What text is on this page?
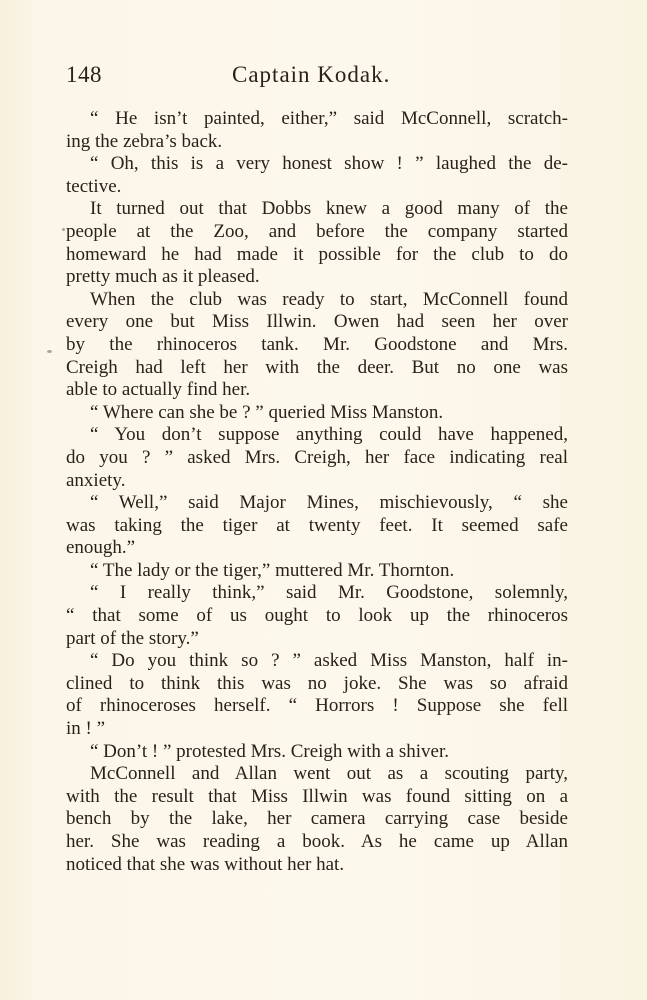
148	Captain Kodak.
“ He isn’t painted, either,” said McConnell, scratch-
ing the zebra’s back.
“ Oh, this is a very honest show ! ” laughed the de-
tective.
It turned out that Dobbs knew a good many of the
people at the Zoo, and before the company started
homeward he had made it possible for the club to do
pretty much as it pleased.
When the club was ready to start, McConnell found
every one but Miss Illwin. Owen had seen her over
by the rhinoceros tank. Mr. Goodstone and Mrs.
Creigh had left her with the deer. But no one was
able to actually find her.
“ Where can she be ? ” queried Miss Manston.
“ You don’t suppose anything could have happened,
do you ? ” asked Mrs. Creigh, her face indicating real
anxiety.
“ Well,” said Major Mines, mischievously, “ she
was taking the tiger at twenty feet. It seemed safe
enough.”
“ The lady or the tiger,” muttered Mr. Thornton.
“ I really think,” said Mr. Goodstone, solemnly,
“ that some of us ought to look up the rhinoceros
part of the story.”
“ Do you think so ? ” asked Miss Manston, half in-
clined to think this was no joke. She was so afraid
of rhinoceroses herself. “ Horrors ! Suppose she fell
in ! ”
“ Don’t ! ” protested Mrs. Creigh with a shiver.
McConnell and Allan went out as a scouting party,
with the result that Miss Illwin was found sitting on a
bench by the lake, her camera carrying case beside
her. She was reading a book. As he came up Allan
noticed that she was without her hat.
